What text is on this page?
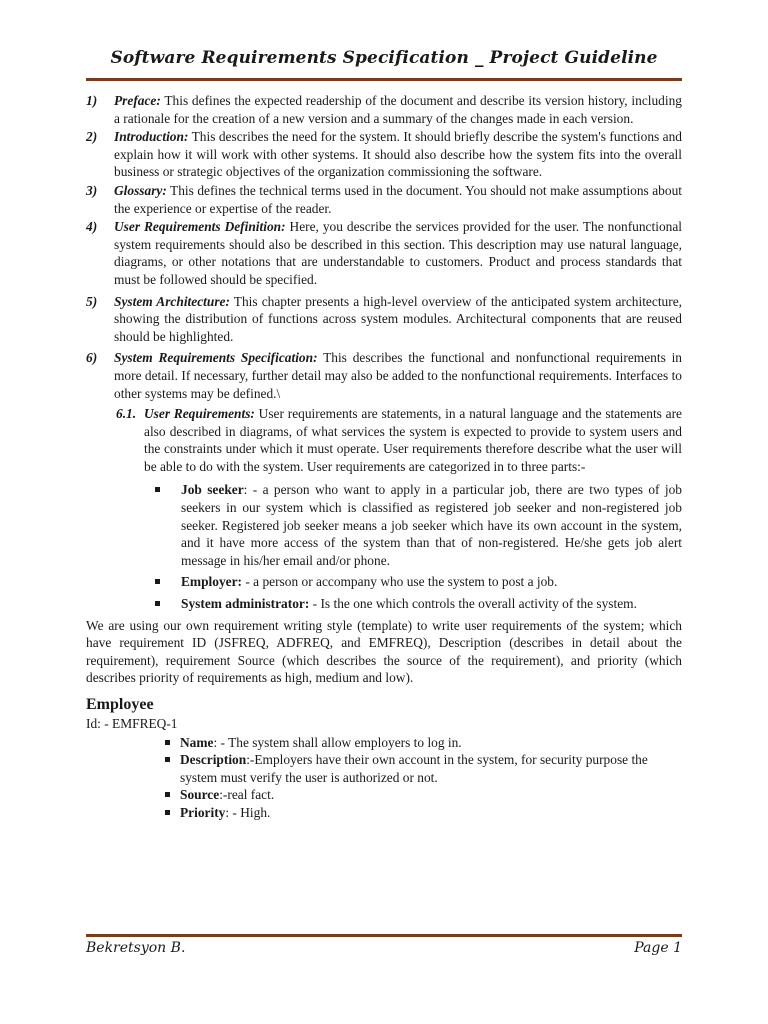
Software Requirements Specification _ Project Guideline
1) Preface: This defines the expected readership of the document and describe its version history, including a rationale for the creation of a new version and a summary of the changes made in each version.
2) Introduction: This describes the need for the system. It should briefly describe the system's functions and explain how it will work with other systems. It should also describe how the system fits into the overall business or strategic objectives of the organization commissioning the software.
3) Glossary: This defines the technical terms used in the document. You should not make assumptions about the experience or expertise of the reader.
4) User Requirements Definition: Here, you describe the services provided for the user. The nonfunctional system requirements should also be described in this section. This description may use natural language, diagrams, or other notations that are understandable to customers. Product and process standards that must be followed should be specified.
5) System Architecture: This chapter presents a high-level overview of the anticipated system architecture, showing the distribution of functions across system modules. Architectural components that are reused should be highlighted.
6) System Requirements Specification: This describes the functional and nonfunctional requirements in more detail. If necessary, further detail may also be added to the nonfunctional requirements. Interfaces to other systems may be defined.\
6.1. User Requirements: User requirements are statements, in a natural language and the statements are also described in diagrams, of what services the system is expected to provide to system users and the constraints under which it must operate. User requirements therefore describe what the user will be able to do with the system. User requirements are categorized in to three parts:-
Job seeker: - a person who want to apply in a particular job, there are two types of job seekers in our system which is classified as registered job seeker and non-registered job seeker. Registered job seeker means a job seeker which have its own account in the system, and it have more access of the system than that of non-registered. He/she gets job alert message in his/her email and/or phone.
Employer: - a person or accompany who use the system to post a job.
System administrator: - Is the one which controls the overall activity of the system.
We are using our own requirement writing style (template) to write user requirements of the system; which have requirement ID (JSFREQ, ADFREQ, and EMFREQ), Description (describes in detail about the requirement), requirement Source (which describes the source of the requirement), and priority (which describes priority of requirements as high, medium and low).
Employee
Id: - EMFREQ-1
Name: - The system shall allow employers to log in.
Description:-Employers have their own account in the system, for security purpose the system must verify the user is authorized or not.
Source:-real fact.
Priority: - High.
Bekretsyon B.	Page 1
